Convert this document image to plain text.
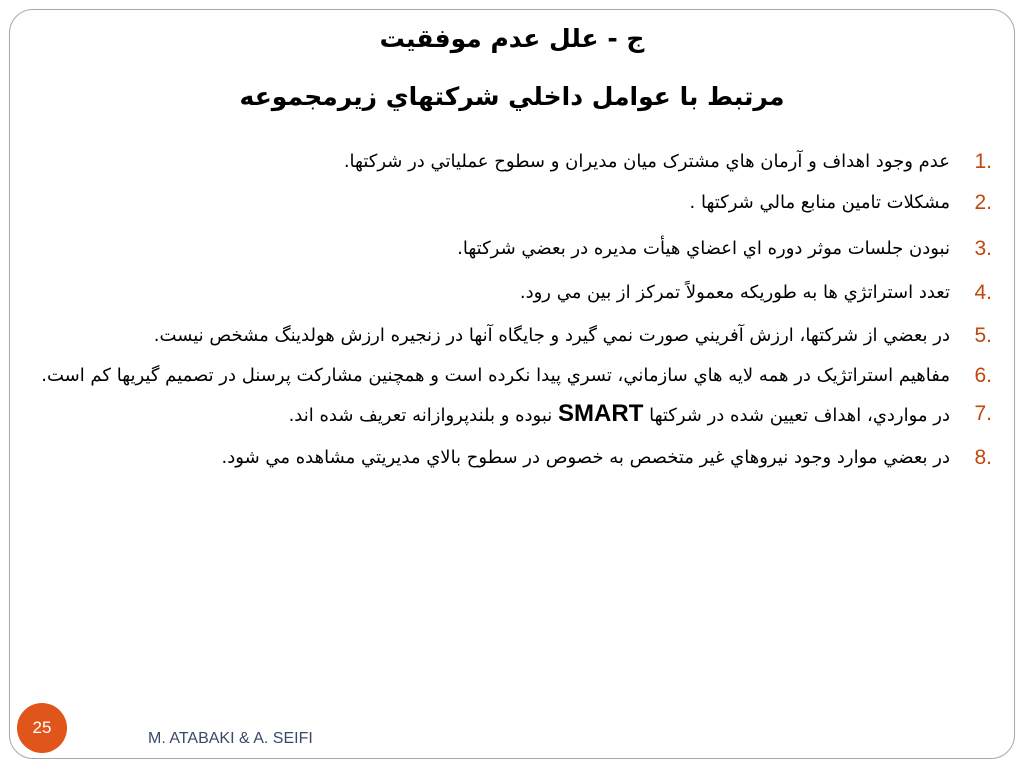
ج - علل عدم موفقيت
مرتبط با عوامل داخلي شرکتهاي زيرمجموعه
1.
عدم وجود اهداف و آرمان هاي مشترک ميان مديران و سطوح عملياتي در شرکتها.
2.
مشکلات تامين منابع مالي شرکتها .
3.
نبودن جلسات موثر دوره اي اعضاي هيأت مديره در بعضي شرکتها.
4.
تعدد استراتژي ها به طوريکه معمولاً تمرکز از بين مي رود.
5.
در بعضي از شرکتها، ارزش آفريني صورت نمي گيرد و جايگاه آنها در زنجيره ارزش هولدينگ مشخص نيست.
6.
مفاهيم استراتژيک در همه لايه هاي سازماني، تسري پيدا نکرده است و همچنين مشارکت پرسنل در تصميم گيريها کم است.
7.
در مواردي، اهداف تعيين شده در شرکتها SMART نبوده و بلندپروازانه تعريف شده اند.
8.
در بعضي موارد وجود نيروهاي غير متخصص به خصوص در سطوح بالاي مديريتي مشاهده مي شود.
25
M. ATABAKI & A. SEIFI
